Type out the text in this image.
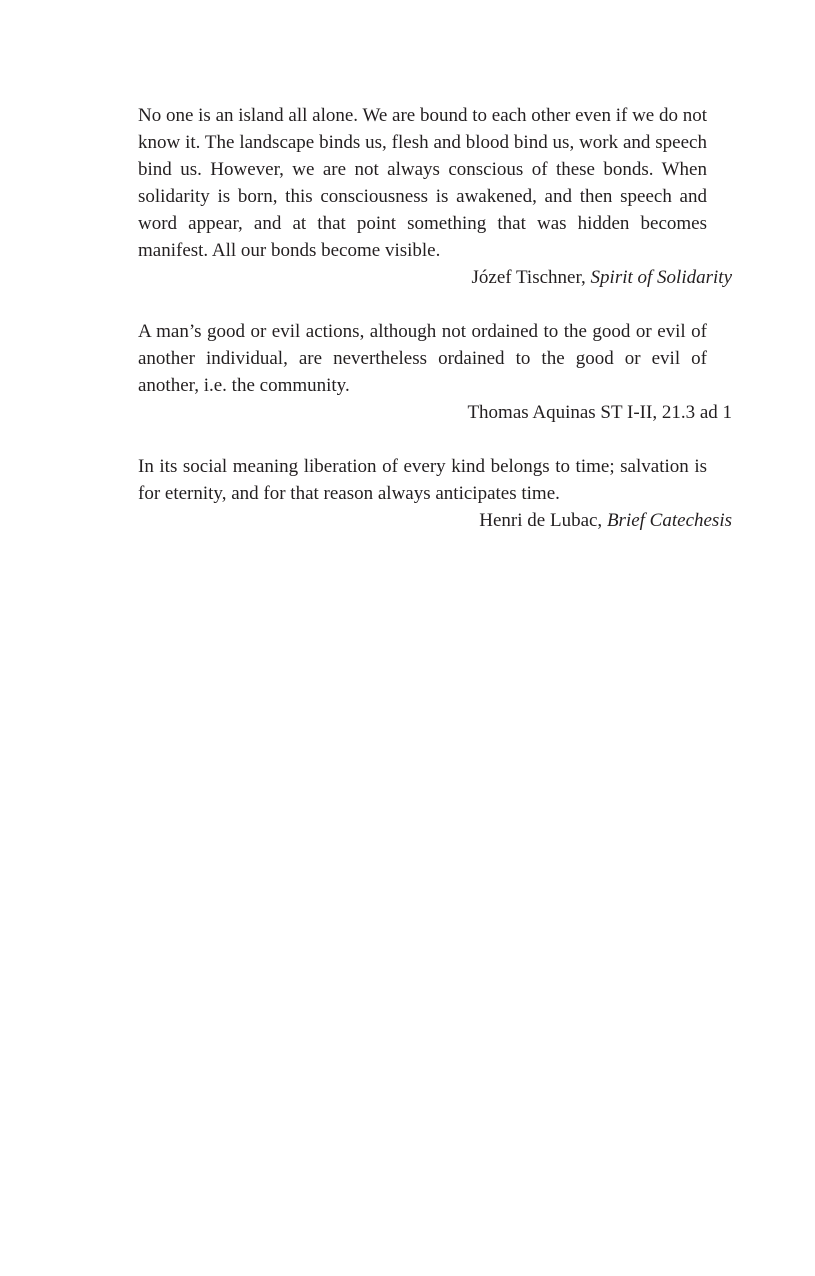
No one is an island all alone. We are bound to each other even if we do not know it. The landscape binds us, flesh and blood bind us, work and speech bind us. However, we are not always conscious of these bonds. When solidarity is born, this consciousness is awakened, and then speech and word appear, and at that point something that was hidden becomes manifest. All our bonds become visible.

Józef Tischner, Spirit of Solidarity

A man’s good or evil actions, although not ordained to the good or evil of another individual, are nevertheless ordained to the good or evil of another, i.e. the community.

Thomas Aquinas ST I-II, 21.3 ad 1

In its social meaning liberation of every kind belongs to time; salvation is for eternity, and for that reason always anticipates time.

Henri de Lubac, Brief Catechesis
